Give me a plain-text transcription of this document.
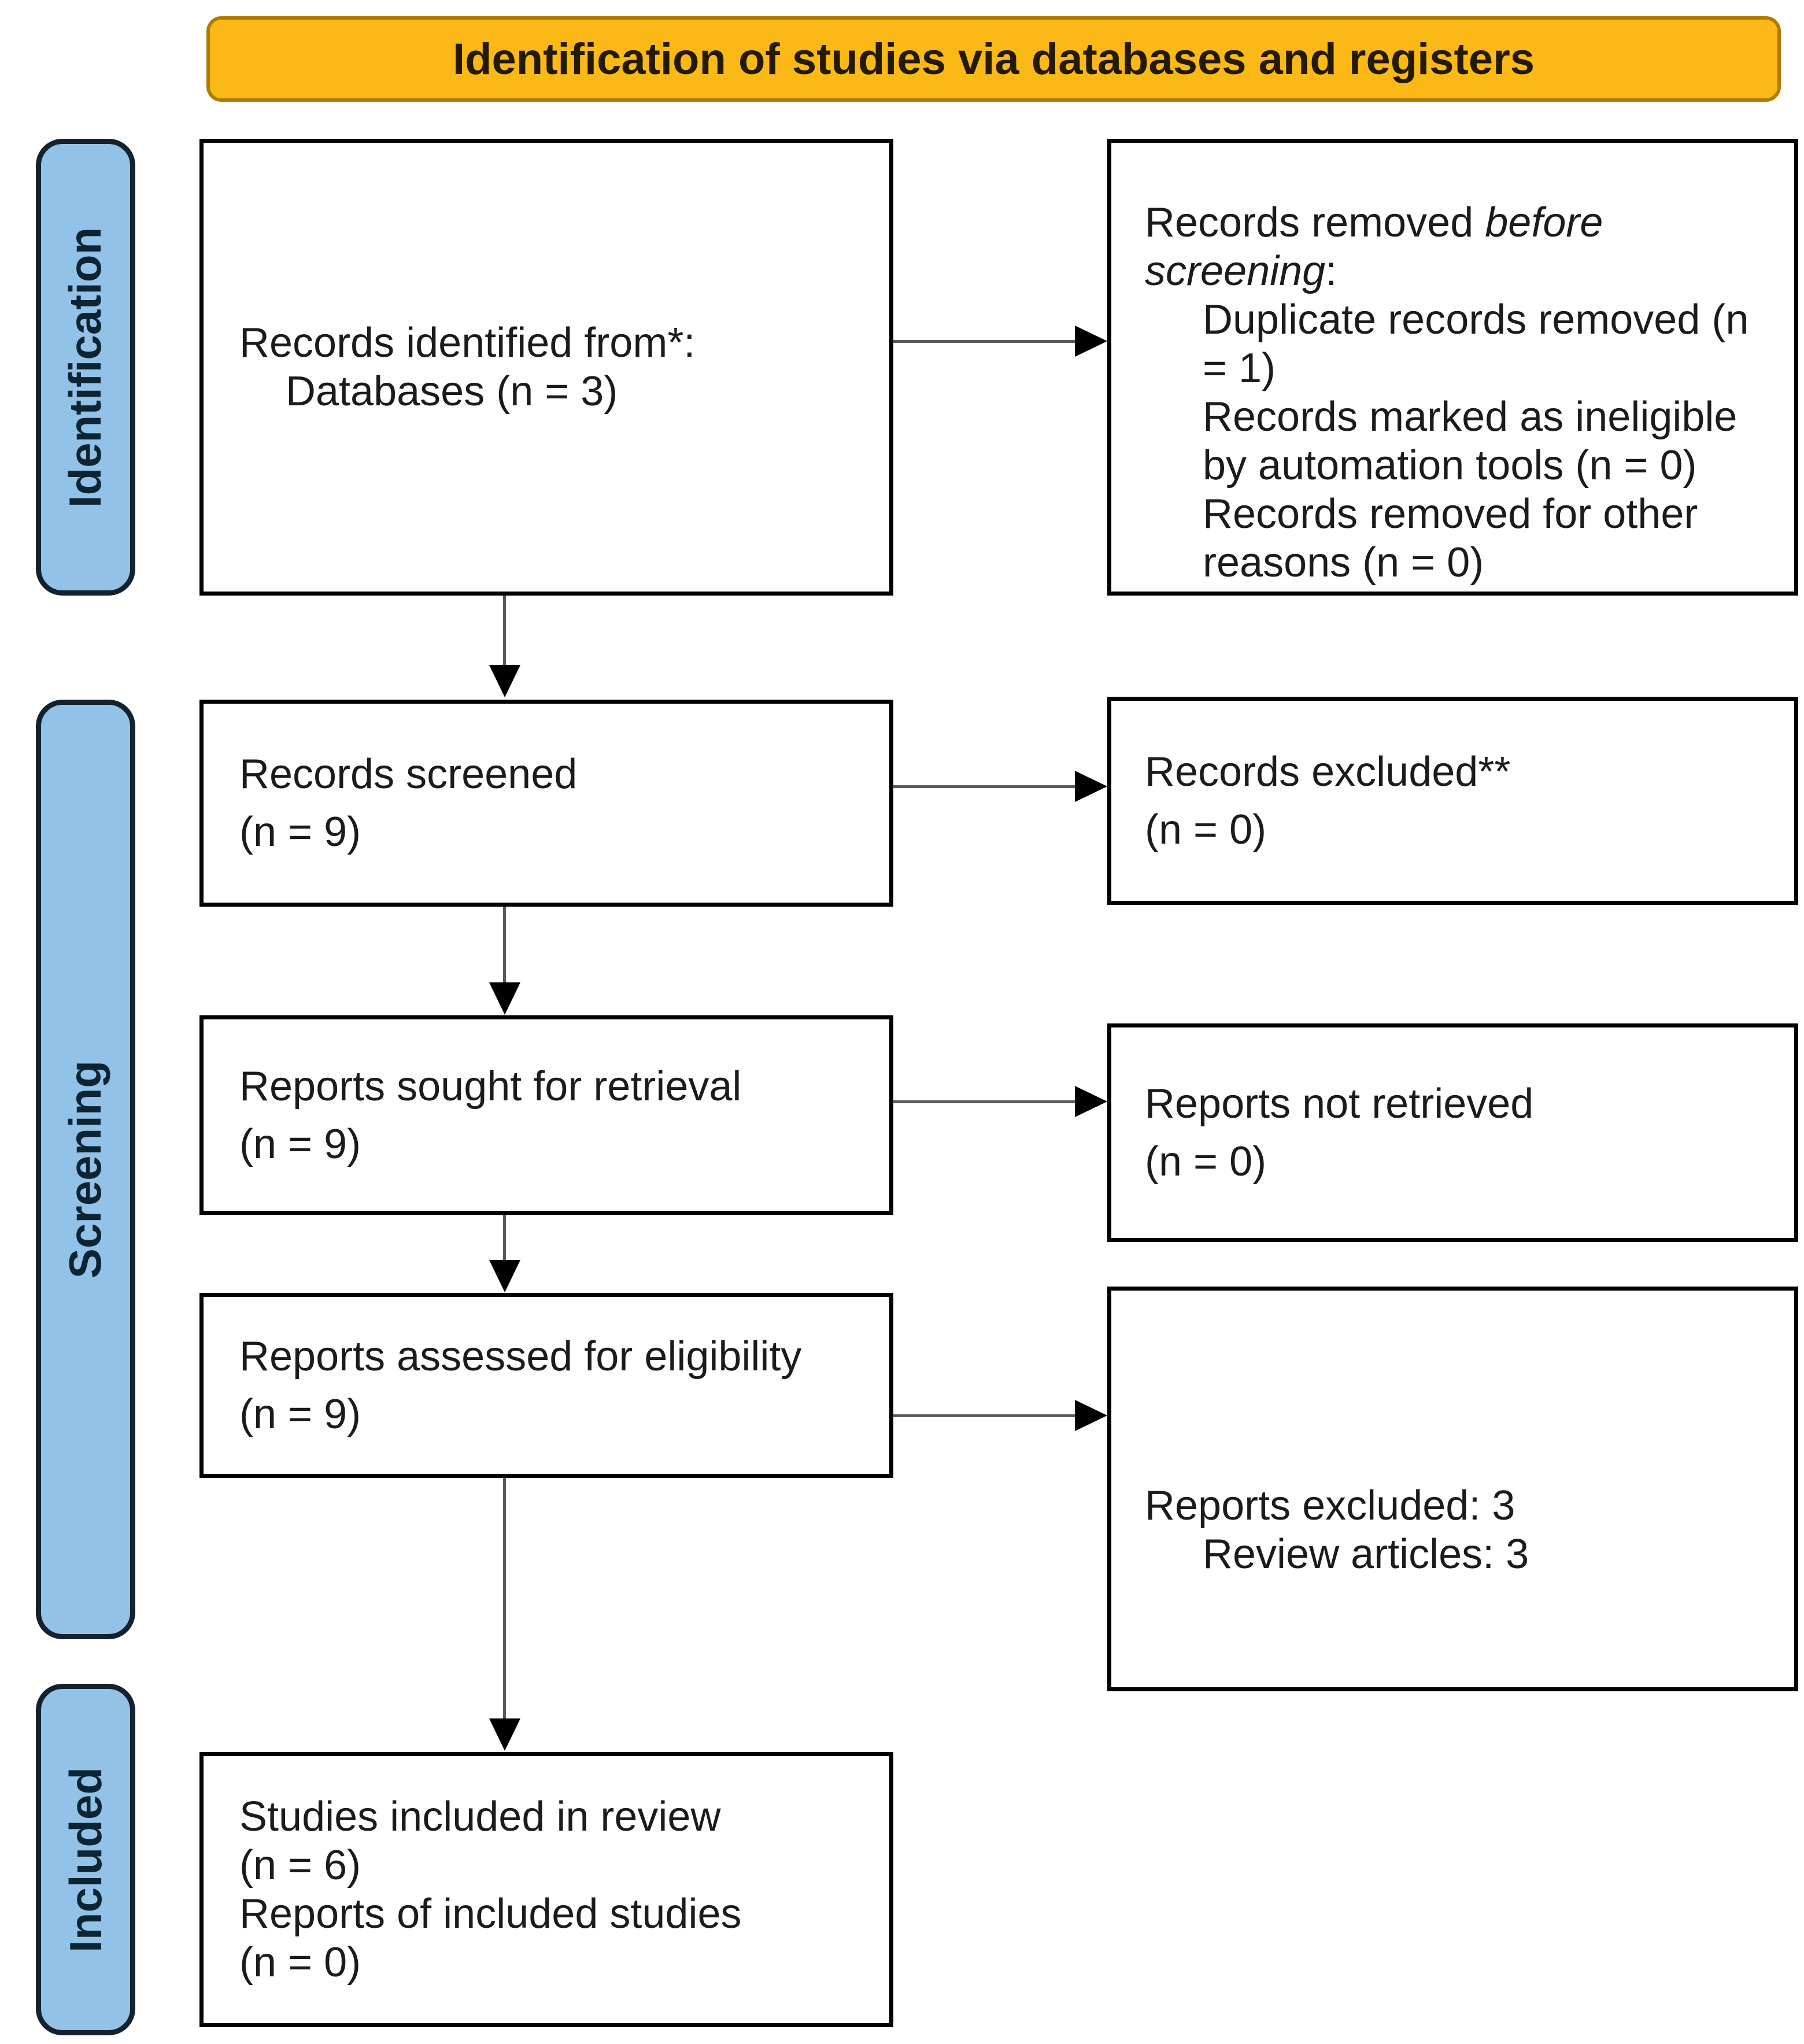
Identification of studies via databases and registers
Identification
Screening
Included
Records identified from*:
Databases (n = 3)
Records screened
(n = 9)
Reports sought for retrieval
(n = 9)
Reports assessed for eligibility
(n = 9)
Studies included in review
(n = 6)
Reports of included studies
(n = 0)
Records removed before
screening:
Duplicate records removed (n
= 1)
Records marked as ineligible
by automation tools (n = 0)
Records removed for other
reasons (n = 0)
Records excluded**
(n = 0)
Reports not retrieved
(n = 0)
Reports excluded: 3
Review articles: 3
